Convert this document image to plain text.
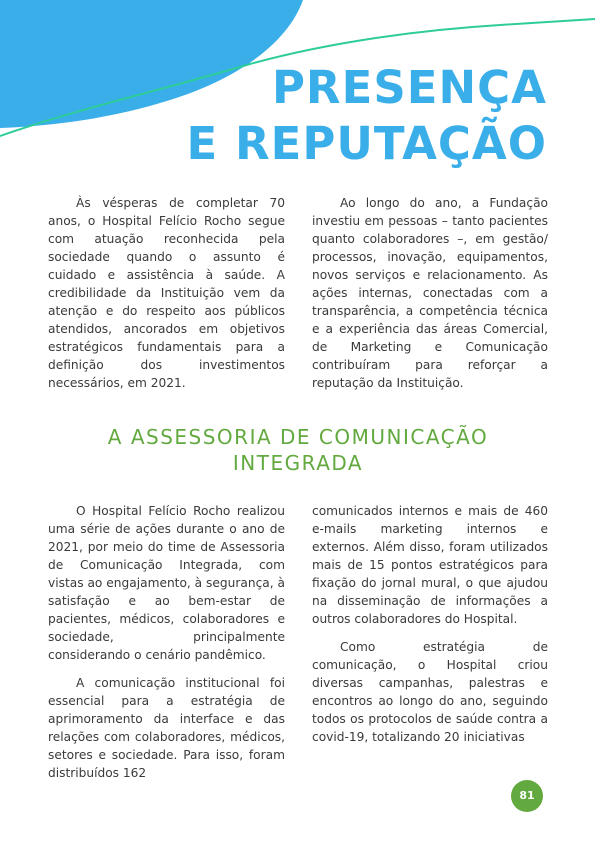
PRESENÇA
E REPUTAÇÃO

Às vésperas de completar 70 anos, o Hospital Felício Rocho segue com atuação reconhecida pela sociedade quando o assunto é cuidado e assistência à saúde. A credibilidade da Instituição vem da atenção e do respeito aos públicos atendidos, ancorados em objetivos estratégicos fundamentais para a definição dos investimentos necessários, em 2021.

Ao longo do ano, a Fundação investiu em pessoas – tanto pacientes quanto colaboradores –, em gestão/ processos, inovação, equipamentos, novos serviços e relacionamento. As ações internas, conectadas com a transparência, a competência técnica e a experiência das áreas Comercial, de Marketing e Comunicação contribuíram para reforçar a reputação da Instituição.

A ASSESSORIA DE COMUNICAÇÃO
INTEGRADA

O Hospital Felício Rocho realizou uma série de ações durante o ano de 2021, por meio do time de Assessoria de Comunicação Integrada, com vistas ao engajamento, à segurança, à satisfação e ao bem-estar de pacientes, médicos, colaboradores e sociedade, principalmente considerando o cenário pandêmico.

A comunicação institucional foi essencial para a estratégia de aprimoramento da interface e das relações com colaboradores, médicos, setores e sociedade. Para isso, foram distribuídos 162

comunicados internos e mais de 460 e-mails marketing internos e externos. Além disso, foram utilizados mais de 15 pontos estratégicos para fixação do jornal mural, o que ajudou na disseminação de informações a outros colaboradores do Hospital.

Como estratégia de comunicação, o Hospital criou diversas campanhas, palestras e encontros ao longo do ano, seguindo todos os protocolos de saúde contra a covid-19, totalizando 20 iniciativas

81
